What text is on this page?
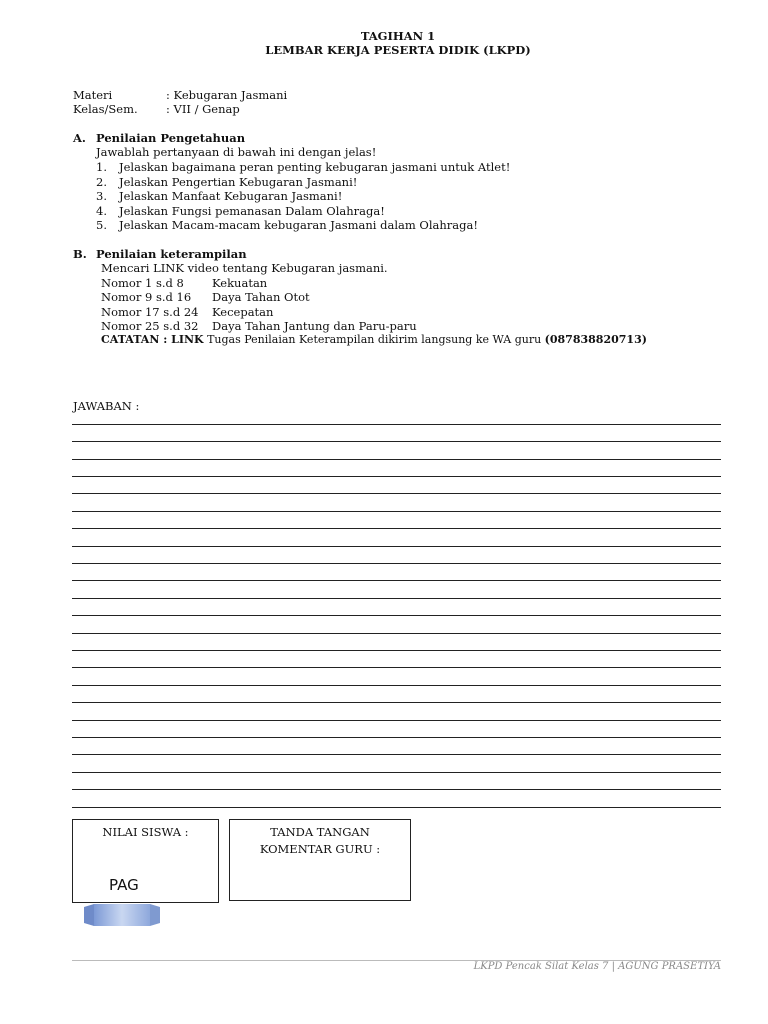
TAGIHAN 1
LEMBAR KERJA PESERTA DIDIK (LKPD)
Materi	: Kebugaran Jasmani
Kelas/Sem. : VII / Genap
A. Penilaian Pengetahuan
Jawablah pertanyaan di bawah ini dengan jelas!
1. Jelaskan bagaimana peran penting kebugaran jasmani untuk Atlet!
2. Jelaskan Pengertian Kebugaran Jasmani!
3. Jelaskan Manfaat Kebugaran Jasmani!
4. Jelaskan Fungsi pemanasan Dalam Olahraga!
5. Jelaskan Macam-macam kebugaran Jasmani dalam Olahraga!
B. Penilaian keterampilan
Mencari LINK video tentang Kebugaran jasmani.
Nomor 1 s.d 8 Kekuatan
Nomor 9 s.d 16 Daya Tahan Otot
Nomor 17 s.d 24 Kecepatan
Nomor 25 s.d 32 Daya Tahan Jantung dan Paru-paru
CATATAN : LINK Tugas Penilaian Keterampilan dikirim langsung ke WA guru (087838820713)
JAWABAN :
NILAI SISWA :
PAG
TANDA TANGAN
KOMENTAR GURU :
LKPD Pencak Silat Kelas 7 | AGUNG PRASETIYA
